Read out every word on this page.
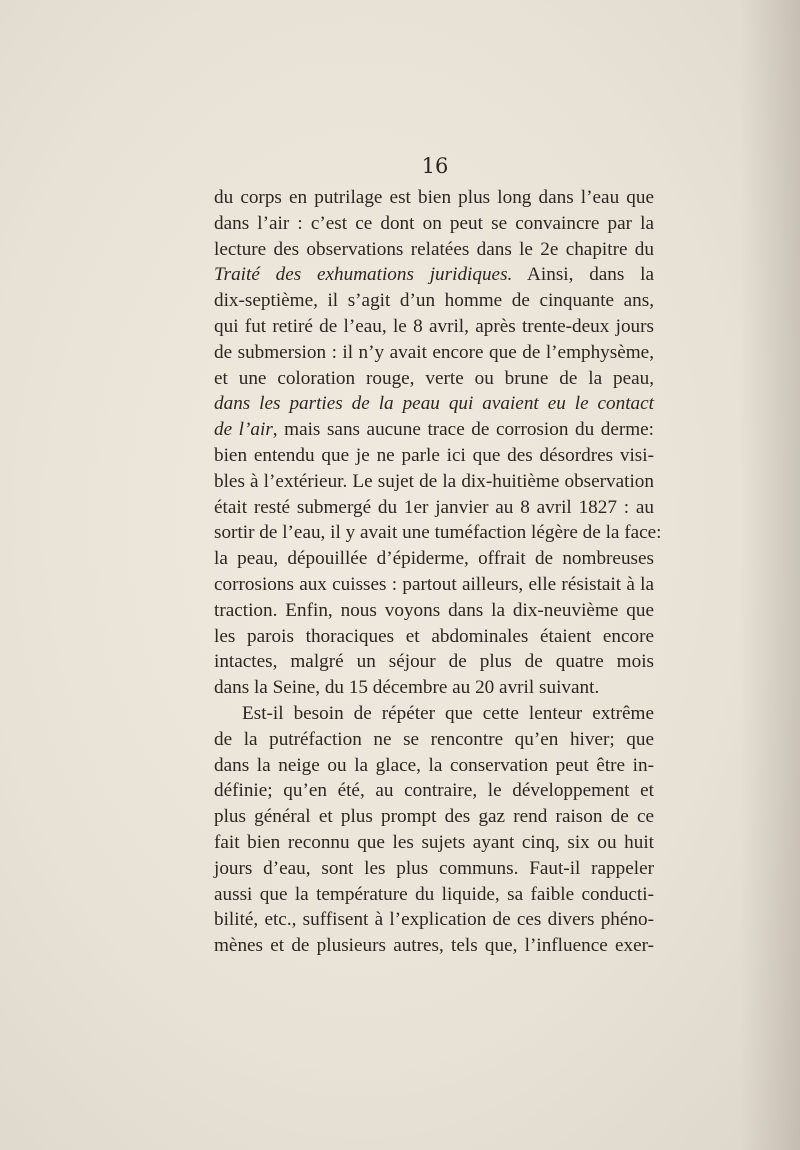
16
du corps en putrilage est bien plus long dans l’eau que
dans l’air : c’est ce dont on peut se convaincre par la
lecture des observations relatées dans le 2e chapitre du
Traité des exhumations juridiques. Ainsi, dans la
dix-septième, il s’agit d’un homme de cinquante ans,
qui fut retiré de l’eau, le 8 avril, après trente-deux jours
de submersion : il n’y avait encore que de l’emphysème,
et une coloration rouge, verte ou brune de la peau,
dans les parties de la peau qui avaient eu le contact
de l’air, mais sans aucune trace de corrosion du derme:
bien entendu que je ne parle ici que des désordres visi-
bles à l’extérieur. Le sujet de la dix-huitième observation
était resté submergé du 1er janvier au 8 avril 1827 : au
sortir de l’eau, il y avait une tuméfaction légère de la face:
la peau, dépouillée d’épiderme, offrait de nombreuses
corrosions aux cuisses : partout ailleurs, elle résistait à la
traction. Enfin, nous voyons dans la dix-neuvième que
les parois thoraciques et abdominales étaient encore
intactes, malgré un séjour de plus de quatre mois
dans la Seine, du 15 décembre au 20 avril suivant.
Est-il besoin de répéter que cette lenteur extrême
de la putréfaction ne se rencontre qu’en hiver; que
dans la neige ou la glace, la conservation peut être in-
définie; qu’en été, au contraire, le développement et
plus général et plus prompt des gaz rend raison de ce
fait bien reconnu que les sujets ayant cinq, six ou huit
jours d’eau, sont les plus communs. Faut-il rappeler
aussi que la température du liquide, sa faible conducti-
bilité, etc., suffisent à l’explication de ces divers phéno-
mènes et de plusieurs autres, tels que, l’influence exer-
